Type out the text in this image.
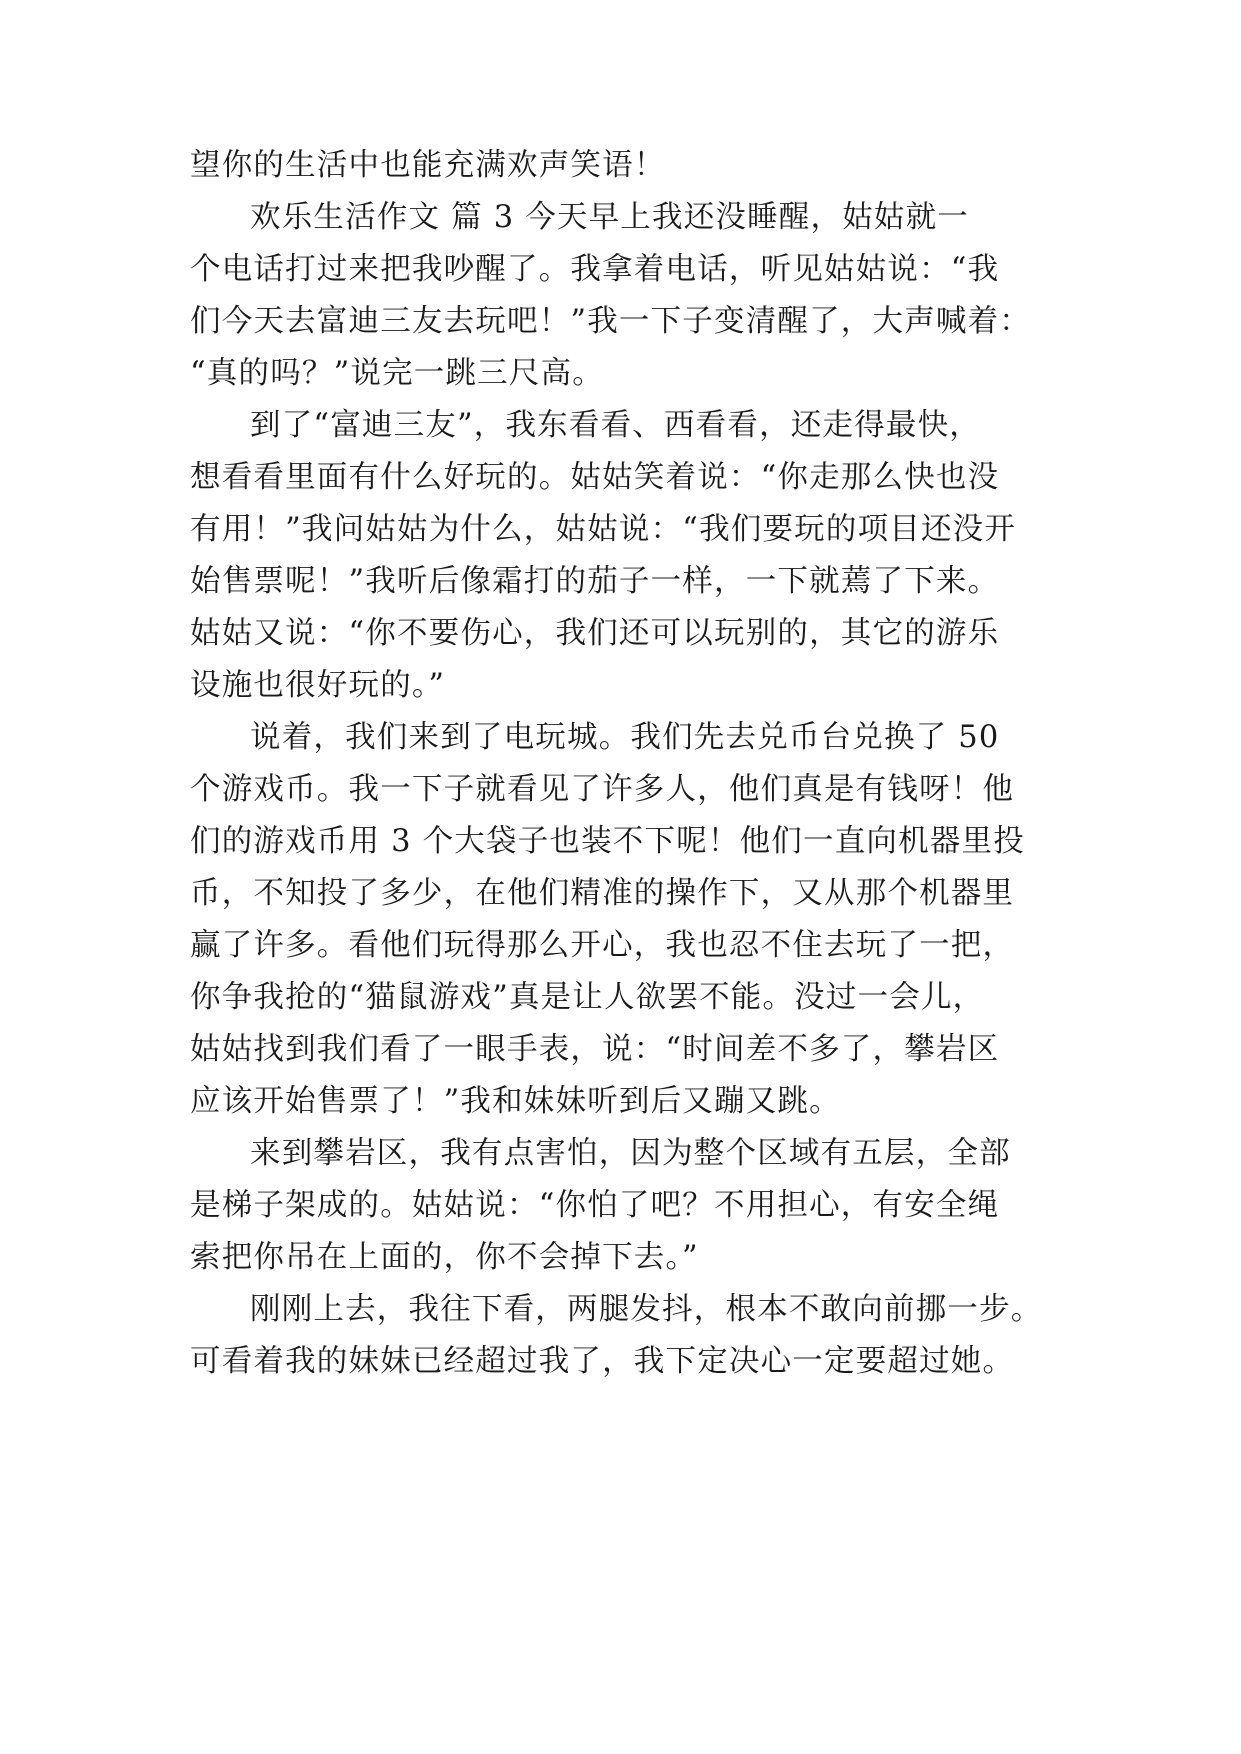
望你的生活中也能充满欢声笑语！
欢乐生活作文 篇 3 今天早上我还没睡醒，姑姑就一
个电话打过来把我吵醒了。我拿着电话，听见姑姑说：“我
们今天去富迪三友去玩吧！”我一下子变清醒了，大声喊着：
“真的吗？”说完一跳三尺高。
到了“富迪三友”，我东看看、西看看，还走得最快，
想看看里面有什么好玩的。姑姑笑着说：“你走那么快也没
有用！”我问姑姑为什么，姑姑说：“我们要玩的项目还没开
始售票呢！”我听后像霜打的茄子一样，一下就蔫了下来。
姑姑又说：“你不要伤心，我们还可以玩别的，其它的游乐
设施也很好玩的。”
说着，我们来到了电玩城。我们先去兑币台兑换了 50
个游戏币。我一下子就看见了许多人，他们真是有钱呀！他
们的游戏币用 3 个大袋子也装不下呢！他们一直向机器里投
币，不知投了多少，在他们精准的操作下，又从那个机器里
赢了许多。看他们玩得那么开心，我也忍不住去玩了一把，
你争我抢的“猫鼠游戏”真是让人欲罢不能。没过一会儿，
姑姑找到我们看了一眼手表，说：“时间差不多了，攀岩区
应该开始售票了！”我和妹妹听到后又蹦又跳。
来到攀岩区，我有点害怕，因为整个区域有五层，全部
是梯子架成的。姑姑说：“你怕了吧？不用担心，有安全绳
索把你吊在上面的，你不会掉下去。”
刚刚上去，我往下看，两腿发抖，根本不敢向前挪一步。
可看着我的妹妹已经超过我了，我下定决心一定要超过她。
